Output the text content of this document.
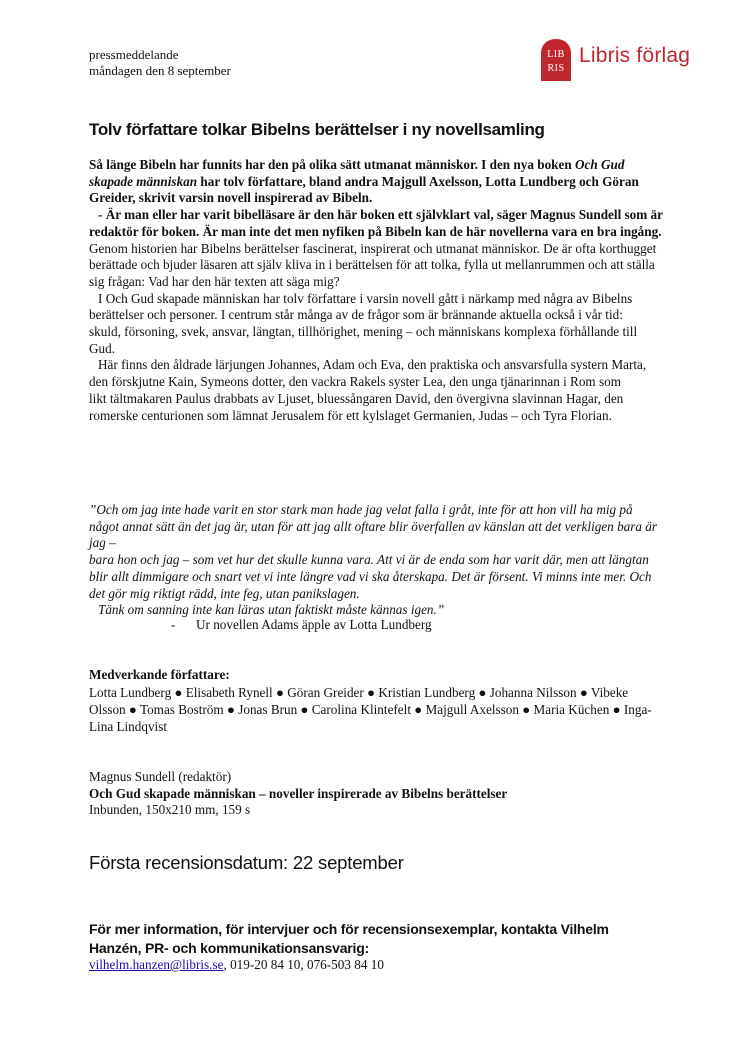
pressmeddelande
måndagen den 8 september
LIB
RIS
Libris förlag
Tolv författare tolkar Bibelns berättelser i ny novellsamling

Så länge Bibeln har funnits har den på olika sätt utmanat människor. I den nya boken Och Gud skapade människan har tolv författare, bland andra Majgull Axelsson, Lotta Lundberg och Göran Greider, skrivit varsin novell inspirerad av Bibeln.

- Är man eller har varit bibelläsare är den här boken ett självklart val, säger Magnus Sundell som är redaktör för boken. Är man inte det men nyfiken på Bibeln kan de här novellerna vara en bra ingång.

Genom historien har Bibelns berättelser fascinerat, inspirerat och utmanat människor. De är ofta korthugget berättade och bjuder läsaren att själv kliva in i berättelsen för att tolka, fylla ut mellanrummen och att ställa sig frågan: Vad har den här texten att säga mig?

I Och Gud skapade människan har tolv författare i varsin novell gått i närkamp med några av Bibelns berättelser och personer. I centrum står många av de frågor som är brännande aktuella också i vår tid:

skuld, försoning, svek, ansvar, längtan, tillhörighet, mening – och människans komplexa förhållande till Gud.

Här finns den åldrade lärjungen Johannes, Adam och Eva, den praktiska och ansvarsfulla systern Marta, den förskjutne Kain, Symeons dotter, den vackra Rakels syster Lea, den unga tjänarinnan i Rom som

likt tältmakaren Paulus drabbats av Ljuset, bluessångaren David, den övergivna slavinnan Hagar, den romerske centurionen som lämnat Jerusalem för ett kylslaget Germanien, Judas – och Tyra Florian.

”Och om jag inte hade varit en stor stark man hade jag velat falla i gråt, inte för att hon vill ha mig på något annat sätt än det jag är, utan för att jag allt oftare blir överfallen av känslan att det verkligen bara är jag –

bara hon och jag – som vet hur det skulle kunna vara. Att vi är de enda som har varit där, men att längtan blir allt dimmigare och snart vet vi inte längre vad vi ska återskapa. Det är försent. Vi minns inte mer. Och det gör mig riktigt rädd, inte feg, utan panikslagen.

Tänk om sanning inte kan läras utan faktiskt måste kännas igen.”

- Ur novellen Adams äpple av Lotta Lundberg
Medverkande författare:
Lotta Lundberg ● Elisabeth Rynell ● Göran Greider ● Kristian Lundberg ● Johanna Nilsson ● Vibeke Olsson ● Tomas Boström ● Jonas Brun ● Carolina Klintefelt ● Majgull Axelsson ● Maria Küchen ● Inga-Lina Lindqvist

Magnus Sundell (redaktör)

Och Gud skapade människan – noveller inspirerade av Bibelns berättelser

Inbunden, 150x210 mm, 159 s

Första recensionsdatum: 22 september
För mer information, för intervjuer och för recensionsexemplar, kontakta Vilhelm Hanzén, PR- och kommunikationsansvarig:
vilhelm.hanzen@libris.se, 019-20 84 10, 076-503 84 10
